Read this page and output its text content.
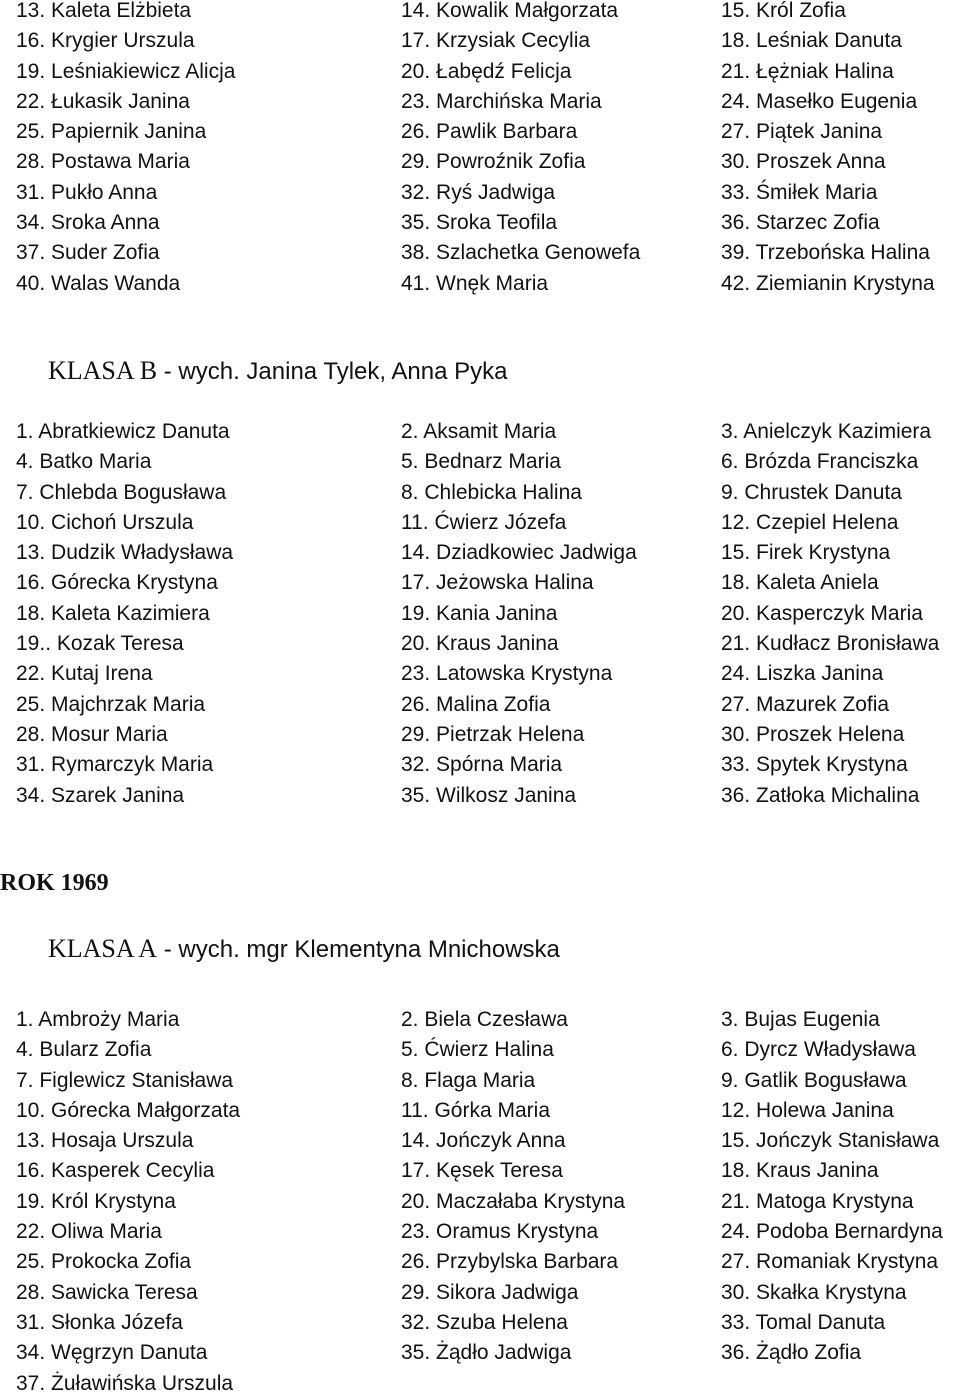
13. Kaleta Elżbieta	14. Kowalik Małgorzata	15. Król Zofia
16. Krygier Urszula	17. Krzysiak Cecylia	18. Leśniak Danuta
19. Leśniakiewicz Alicja	20. Łabędź Felicja	21. Łężniak Halina
22. Łukasik Janina	23. Marchińska Maria	24. Masełko Eugenia
25. Papiernik Janina	26. Pawlik Barbara	27. Piątek Janina
28. Postawa Maria	29. Powroźnik Zofia	30. Proszek Anna
31. Pukło Anna	32. Ryś Jadwiga	33. Śmiłek Maria
34. Sroka Anna	35. Sroka Teofila	36. Starzec Zofia
37. Suder Zofia	38. Szlachetka Genowefa	39. Trzebońska Halina
40. Walas Wanda	41. Wnęk Maria	42. Ziemianin Krystyna
KLASA B - wych. Janina Tylek, Anna Pyka
1. Abratkiewicz Danuta	2. Aksamit Maria	3. Anielczyk Kazimiera
4. Batko Maria	5. Bednarz Maria	6. Brózda Franciszka
7. Chlebda Bogusława	8. Chlebicka Halina	9. Chrustek Danuta
10. Cichoń Urszula	11. Ćwierz Józefa	12. Czepiel Helena
13. Dudzik Władysława	14. Dziadkowiec Jadwiga	15. Firek Krystyna
16. Górecka Krystyna	17. Jeżowska Halina	18. Kaleta Aniela
18. Kaleta Kazimiera	19. Kania Janina	20. Kasperczyk Maria
19.. Kozak Teresa	20. Kraus Janina	21. Kudłacz Bronisława
22. Kutaj Irena	23. Latowska Krystyna	24. Liszka Janina
25. Majchrzak Maria	26. Malina Zofia	27. Mazurek Zofia
28. Mosur Maria	29. Pietrzak Helena	30. Proszek Helena
31. Rymarczyk Maria	32. Spórna Maria	33. Spytek Krystyna
34. Szarek Janina	35. Wilkosz Janina	36. Zatłoka Michalina
ROK 1969
KLASA A - wych. mgr Klementyna Mnichowska
1. Ambroży Maria	2. Biela Czesława	3. Bujas Eugenia
4. Bularz Zofia	5. Ćwierz Halina	6. Dyrcz Władysława
7. Figlewicz Stanisława	8. Flaga Maria	9. Gatlik Bogusława
10. Górecka Małgorzata	11. Górka Maria	12. Holewa Janina
13. Hosaja Urszula	14. Jończyk Anna	15. Jończyk Stanisława
16. Kasperek Cecylia	17. Kęsek Teresa	18. Kraus Janina
19. Król Krystyna	20. Maczałaba Krystyna	21. Matoga Krystyna
22. Oliwa Maria	23. Oramus Krystyna	24. Podoba Bernardyna
25. Prokocka Zofia	26. Przybylska Barbara	27. Romaniak Krystyna
28. Sawicka Teresa	29. Sikora Jadwiga	30. Skałka Krystyna
31. Słonka Józefa	32. Szuba Helena	33. Tomal Danuta
34. Węgrzyn Danuta	35. Żądło Jadwiga	36. Żądło Zofia
37. Żuławińska Urszula
